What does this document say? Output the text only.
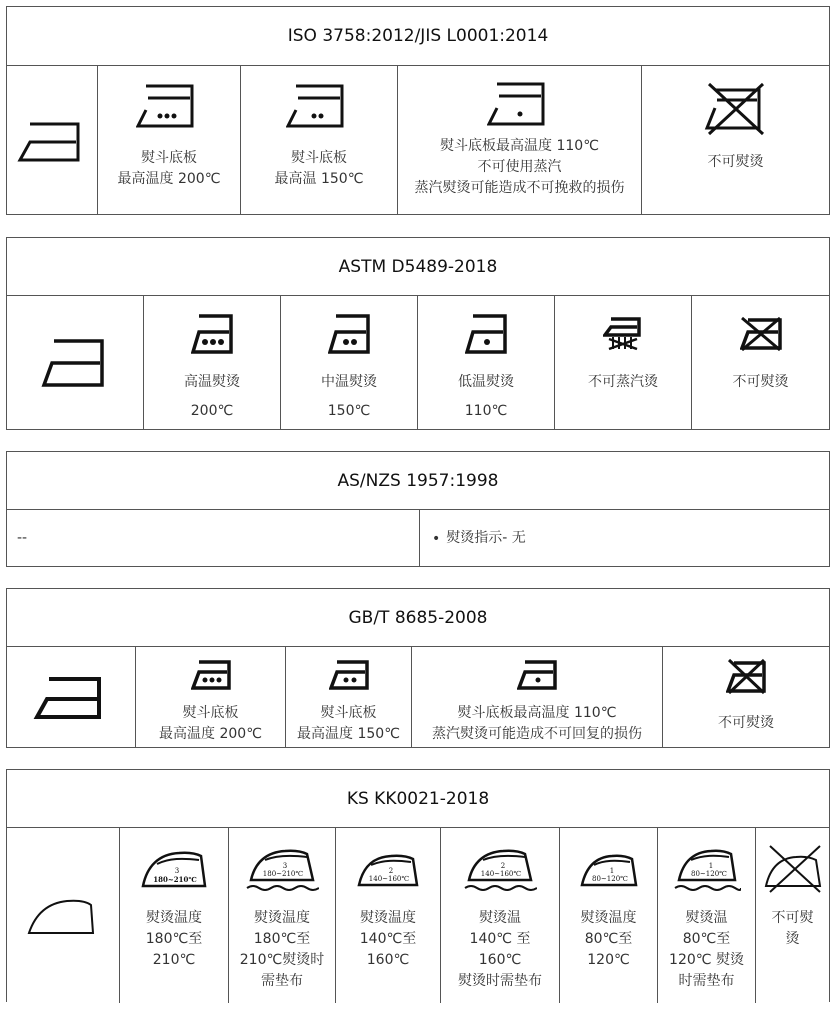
ISO 3758:2012/JIS L0001:2014
熨斗底板
最高温度 200℃
熨斗底板
最高温 150℃
熨斗底板最高温度 110℃
不可使用蒸汽
蒸汽熨烫可能造成不可挽救的损伤
不可熨烫
ASTM D5489-2018
高温熨烫
200℃
中温熨烫
150℃
低温熨烫
110℃
不可蒸汽烫	不可熨烫
AS/NZS 1957:1998
--	• 熨烫指示- 无
GB/T 8685-2008
熨斗底板
最高温度 200℃
熨斗底板
最高温度 150℃
熨斗底板最高温度 110℃
蒸汽熨烫可能造成不可回复的损伤
不可熨烫
KS KK0021-2018
3
180~210℃
熨烫温度
180℃至
210℃
3
180~210℃
熨烫温度
180℃至
210℃熨烫时
需垫布
2
140~160℃
熨烫温度
140℃至
160℃
2
140~160℃
熨烫温
140℃ 至
160℃
熨烫时需垫布
1
80~120℃
熨烫温度
80℃至
120℃
1
80~120℃
熨烫温
80℃至
120℃ 熨烫
时需垫布
不可熨
烫
